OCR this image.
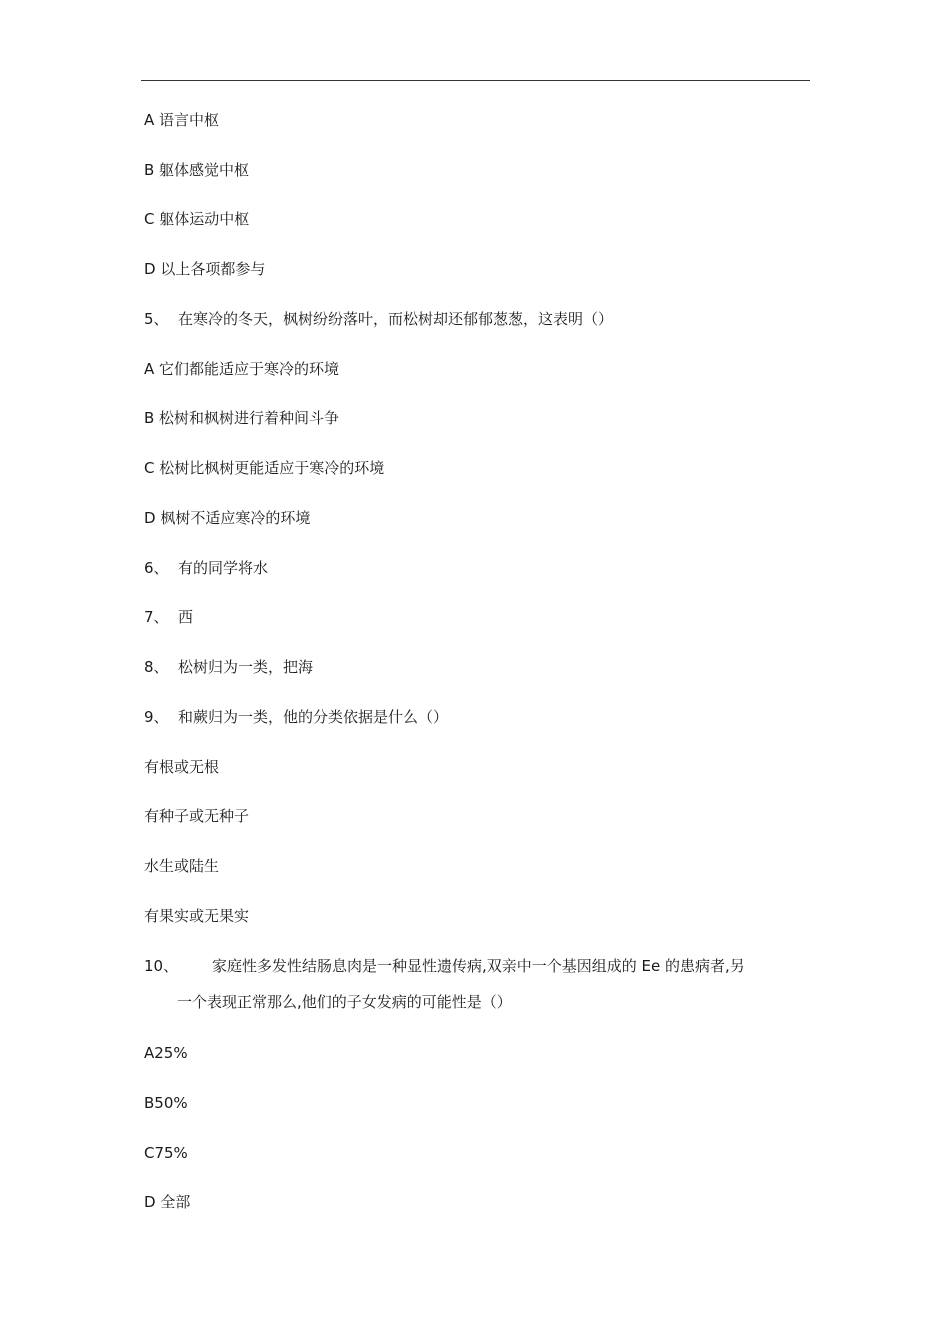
A 语言中枢
B 躯体感觉中枢
C 躯体运动中枢
D 以上各项都参与
5、 在寒冷的冬天，枫树纷纷落叶，而松树却还郁郁葱葱，这表明（）
A 它们都能适应于寒冷的环境
B 松树和枫树进行着种间斗争
C 松树比枫树更能适应于寒冷的环境
D 枫树不适应寒冷的环境
6、 有的同学将水
7、 西
8、 松树归为一类，把海
9、 和蕨归为一类，他的分类依据是什么（）
有根或无根
有种子或无种子
水生或陆生
有果实或无果实
10、 家庭性多发性结肠息肉是一种显性遗传病,双亲中一个基因组成的 Ee 的患病者,另
一个表现正常那么,他们的子女发病的可能性是（）
A25%
B50%
C75%
D 全部
